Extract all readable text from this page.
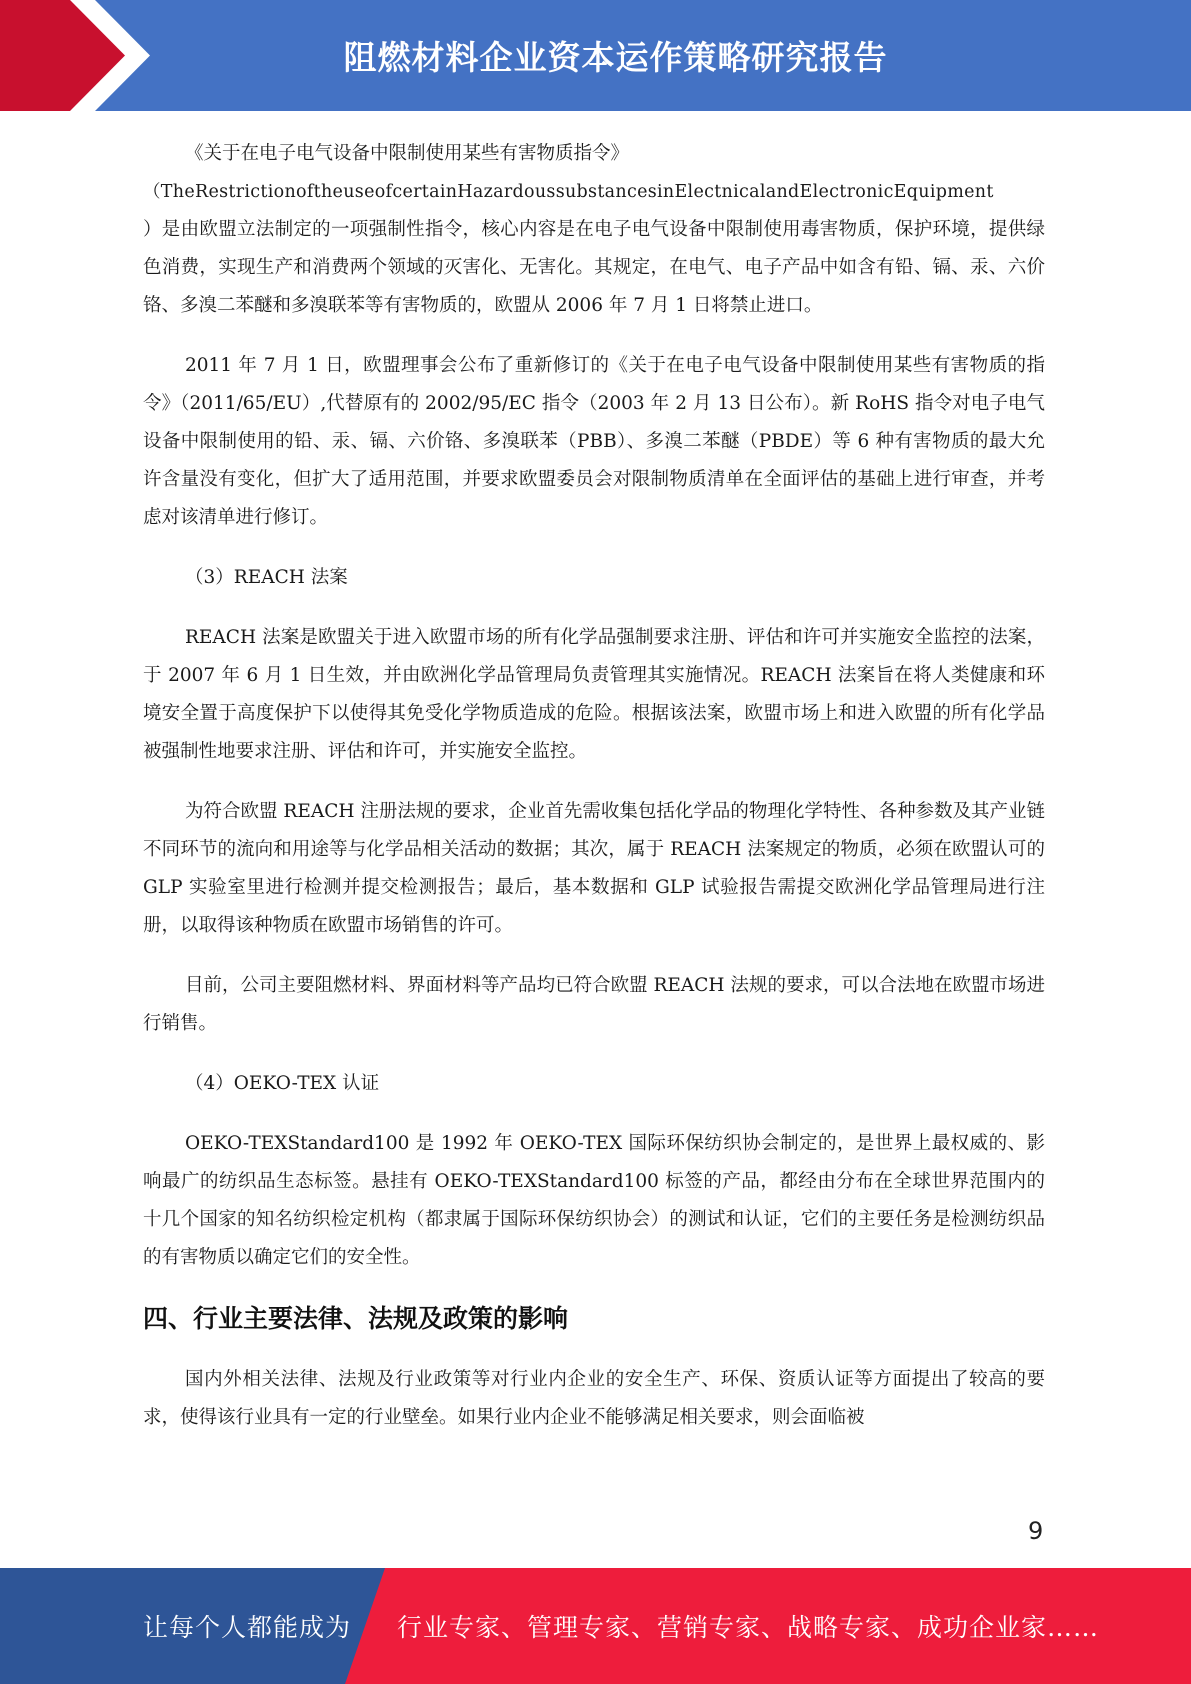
阻燃材料企业资本运作策略研究报告

《关于在电子电气设备中限制使用某些有害物质指令》
（TheRestrictionoftheuseofcertainHazardoussubstancesinElectnicalandElectronicEquipment
）是由欧盟立法制定的一项强制性指令，核心内容是在电子电气设备中限制使用毒害物质，保护环境，提供绿色消费，实现生产和消费两个领域的灭害化、无害化。其规定，在电气、电子产品中如含有铅、镉、汞、六价铬、多溴二苯醚和多溴联苯等有害物质的，欧盟从 2006 年 7 月 1 日将禁止进口。

2011 年 7 月 1 日，欧盟理事会公布了重新修订的《关于在电子电气设备中限制使用某些有害物质的指令》（2011/65/EU）,代替原有的 2002/95/EC 指令（2003 年 2 月 13 日公布）。新 RoHS 指令对电子电气设备中限制使用的铅、汞、镉、六价铬、多溴联苯（PBB）、多溴二苯醚（PBDE）等 6 种有害物质的最大允许含量没有变化，但扩大了适用范围，并要求欧盟委员会对限制物质清单在全面评估的基础上进行审查，并考虑对该清单进行修订。

（3）REACH 法案

REACH 法案是欧盟关于进入欧盟市场的所有化学品强制要求注册、评估和许可并实施安全监控的法案，于 2007 年 6 月 1 日生效，并由欧洲化学品管理局负责管理其实施情况。REACH 法案旨在将人类健康和环境安全置于高度保护下以使得其免受化学物质造成的危险。根据该法案，欧盟市场上和进入欧盟的所有化学品被强制性地要求注册、评估和许可，并实施安全监控。

为符合欧盟 REACH 注册法规的要求，企业首先需收集包括化学品的物理化学特性、各种参数及其产业链不同环节的流向和用途等与化学品相关活动的数据；其次，属于 REACH 法案规定的物质，必须在欧盟认可的 GLP 实验室里进行检测并提交检测报告；最后，基本数据和 GLP 试验报告需提交欧洲化学品管理局进行注册，以取得该种物质在欧盟市场销售的许可。

目前，公司主要阻燃材料、界面材料等产品均已符合欧盟 REACH 法规的要求，可以合法地在欧盟市场进行销售。

（4）OEKO-TEX 认证

OEKO-TEXStandard100 是 1992 年 OEKO-TEX 国际环保纺织协会制定的，是世界上最权威的、影响最广的纺织品生态标签。悬挂有 OEKO-TEXStandard100 标签的产品，都经由分布在全球世界范围内的十几个国家的知名纺织检定机构（都隶属于国际环保纺织协会）的测试和认证，它们的主要任务是检测纺织品的有害物质以确定它们的安全性。

四、行业主要法律、法规及政策的影响

国内外相关法律、法规及行业政策等对行业内企业的安全生产、环保、资质认证等方面提出了较高的要求，使得该行业具有一定的行业壁垒。如果行业内企业不能够满足相关要求，则会面临被

9
让每个人都能成为 行业专家、管理专家、营销专家、战略专家、成功企业家……
